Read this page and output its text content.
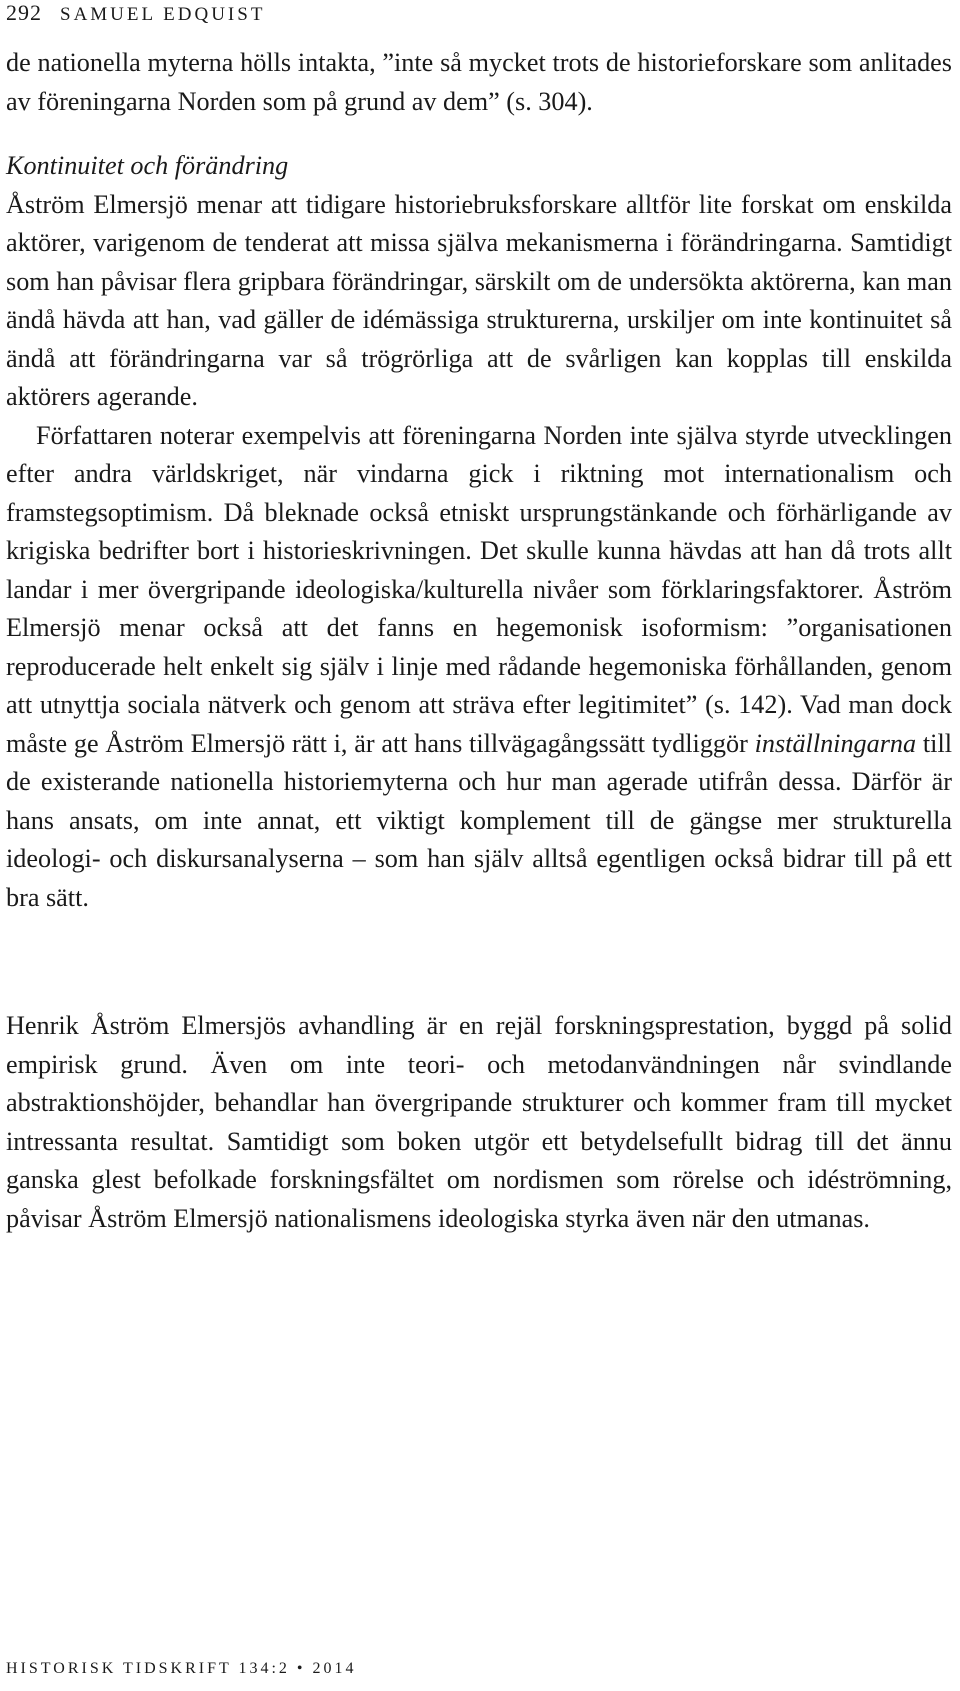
292 SAMUEL EDQUIST

de nationella myterna hölls intakta, ”inte så mycket trots de historieforskare som anlitades av föreningarna Norden som på grund av dem” (s. 304).

Kontinuitet och förändring

Åström Elmersjö menar att tidigare historiebruksforskare alltför lite forskat om enskilda aktörer, varigenom de tenderat att missa själva mekanismerna i förändringarna. Samtidigt som han påvisar flera gripbara förändringar, särskilt om de undersökta aktörerna, kan man ändå hävda att han, vad gäller de idémässiga strukturerna, urskiljer om inte kontinuitet så ändå att förändringarna var så trögrörliga att de svårligen kan kopplas till enskilda aktörers agerande.

Författaren noterar exempelvis att föreningarna Norden inte själva styrde utvecklingen efter andra världskriget, när vindarna gick i riktning mot internationalism och framstegsoptimism. Då bleknade också etniskt ursprungstänkande och förhärligande av krigiska bedrifter bort i historieskrivningen. Det skulle kunna hävdas att han då trots allt landar i mer övergripande ideologiska/kulturella nivåer som förklaringsfaktorer. Åström Elmersjö menar också att det fanns en hegemonisk isoformism: ”organisationen reproducerade helt enkelt sig själv i linje med rådande hegemoniska förhållanden, genom att utnyttja sociala nätverk och genom att sträva efter legitimitet” (s. 142). Vad man dock måste ge Åström Elmersjö rätt i, är att hans tillvägagångssätt tydliggör inställningarna till de existerande nationella historiemyterna och hur man agerade utifrån dessa. Därför är hans ansats, om inte annat, ett viktigt komplement till de gängse mer strukturella ideologi- och diskursanalyserna – som han själv alltså egentligen också bidrar till på ett bra sätt.

Henrik Åström Elmersjös avhandling är en rejäl forskningsprestation, byggd på solid empirisk grund. Även om inte teori- och metodanvändningen når svindlande abstraktionshöjder, behandlar han övergripande strukturer och kommer fram till mycket intressanta resultat. Samtidigt som boken utgör ett betydelsefullt bidrag till det ännu ganska glest befolkade forskningsfältet om nordismen som rörelse och idéströmning, påvisar Åström Elmersjö nationalismens ideologiska styrka även när den utmanas.

HISTORISK TIDSKRIFT 134:2 • 2014
